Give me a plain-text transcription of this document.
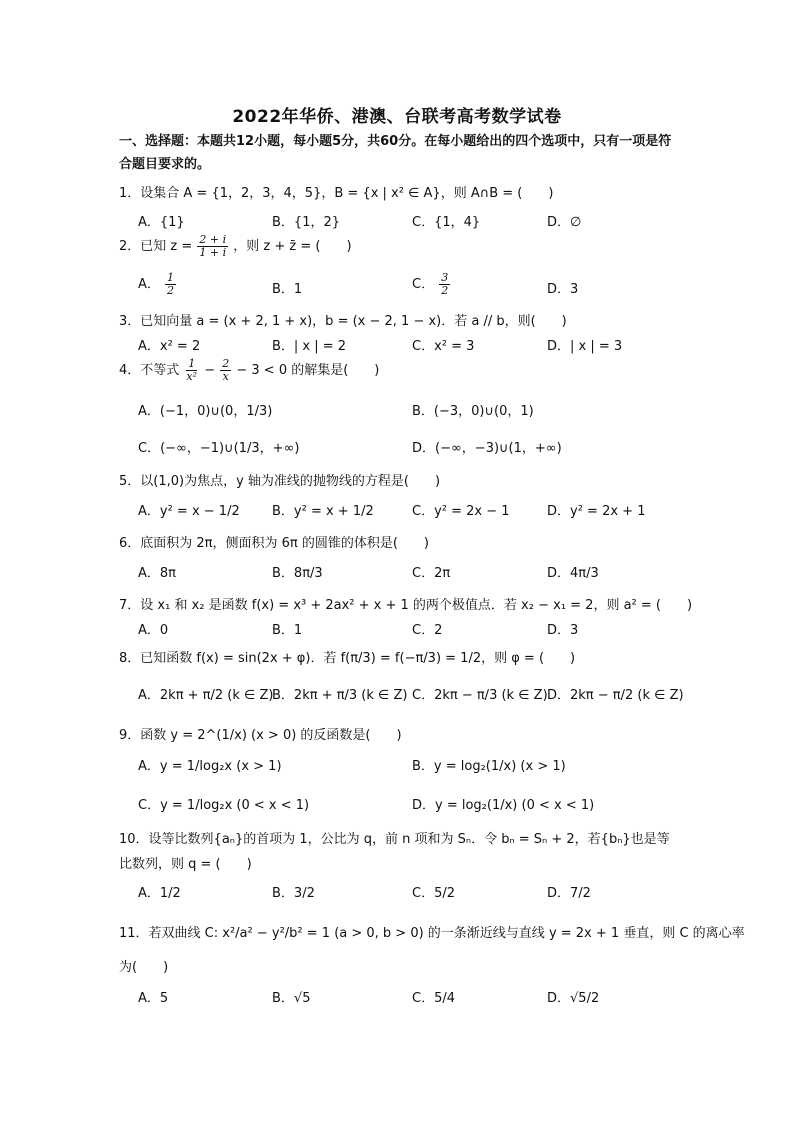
2022年华侨、港澳、台联考高考数学试卷
一、选择题：本题共12小题，每小题5分，共60分。在每小题给出的四个选项中，只有一项是符合题目要求的。
1．设集合 A = {1，2，3，4，5}，B = {x | x² ∈ A}，则 A∩B = (　　)
A．{1}	B．{1，2}	C．{1，4}	D．∅
2．已知 $z = \frac{2 + i}{1 + i}$ ，则 z + z̄ = (　　)
A． $\frac{1}{2}$	B．1	C． $\frac{3}{2}$	D．3
3．已知向量 a = (x + 2, 1 + x)，b = (x − 2, 1 − x)．若 a // b，则(　　)
A．x² = 2	B．| x | = 2	C．x² = 3	D．| x | = 3
4．不等式 $\frac{1}{\text{x²}} - \frac{2}{x} - 3 < 0$ 的解集是(　　)
A．(−1，0)∪(0，1/3)	B．(−3，0)∪(0，1)
C．(−∞，−1)∪(1/3，+∞)	D．(−∞，−3)∪(1，+∞)
5．以(1,0)为焦点，y 轴为准线的抛物线的方程是(　　)
A．y² = x − 1/2 B．y² = x + 1/2	C．y² = 2x − 1	D．y² = 2x + 1
6．底面积为 2π，侧面积为 6π 的圆锥的体积是(　　)
A．8π	B．8π/3	C．2π	D．4π/3
7．设 x₁ 和 x₂ 是函数 f(x) = x³ + 2ax² + x + 1 的两个极值点．若 x₂ − x₁ = 2，则 a² = (　　)
A．0	B．1	C．2	D．3
8．已知函数 f(x) = sin(2x + φ)．若 f(π/3) = f(−π/3) = 1/2，则 φ = (　　)
A．2kπ + π/2 (k ∈ Z)
B．2kπ + π/3 (k ∈ Z) C．2kπ − π/3 (k ∈ Z) D．2kπ − π/2 (k ∈ Z)
9．函数 y = 2^(1/x) (x > 0) 的反函数是(　　)
A．y = 1/log₂x (x > 1)	B．y = log₂(1/x) (x > 1)
C．y = 1/log₂x (0 < x < 1)	D．y = log₂(1/x) (0 < x < 1)
10．设等比数列{aₙ}的首项为 1，公比为 q，前 n 项和为 Sₙ．令 bₙ = Sₙ + 2，若{bₙ}也是等
比数列，则 q = (　　)
A．1/2	B．3/2	C．5/2	D．7/2
11．若双曲线 C: x²/a² − y²/b² = 1 (a > 0, b > 0) 的一条渐近线与直线 y = 2x + 1 垂直，则 C 的离心率
为(　　)
A．5	B．√5	C．5/4	D．√5/2
